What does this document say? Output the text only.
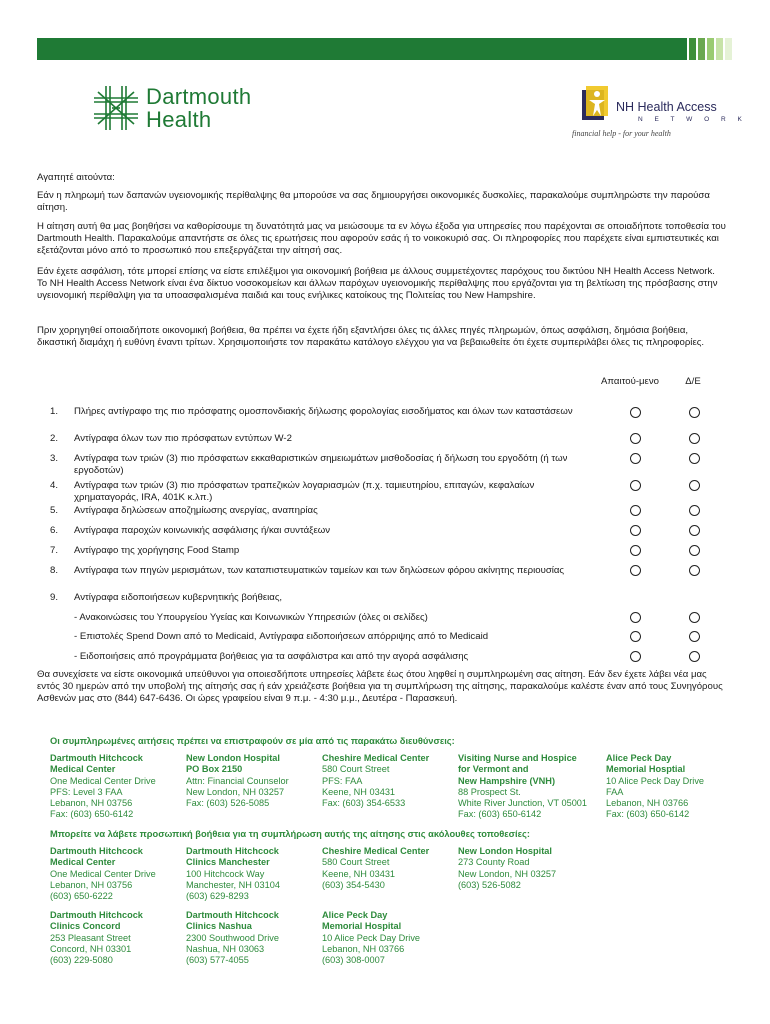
Dartmouth
Health	NH Health Access
N E T W O R K
financial help - for your health
Αγαπητέ αιτούντα:
Εάν η πληρωμή των δαπανών υγειονομικής περίθαλψης θα μπορούσε να σας δημιουργήσει οικονομικές δυσκολίες, παρακαλούμε συμπληρώστε την παρούσα αίτηση.
Η αίτηση αυτή θα μας βοηθήσει να καθορίσουμε τη δυνατότητά μας να μειώσουμε τα εν λόγω έξοδα για υπηρεσίες που παρέχονται σε οποιαδήποτε τοποθεσία του Dartmouth Health. Παρακαλούμε απαντήστε σε όλες τις ερωτήσεις που αφορούν εσάς ή το νοικοκυριό σας. Οι πληροφορίες που παρέχετε είναι εμπιστευτικές και εξετάζονται μόνο από το προσωπικό που επεξεργάζεται την αίτησή σας.
Εάν έχετε ασφάλιση, τότε μπορεί επίσης να είστε επιλέξιμοι για οικονομική βοήθεια με άλλους συμμετέχοντες παρόχους του δικτύου NH Health Access Network. Το NH Health Access Network είναι ένα δίκτυο νοσοκομείων και άλλων παρόχων υγειονομικής περίθαλψης που εργάζονται για τη βελτίωση της πρόσβασης στην υγειονομική περίθαλψη για τα υποασφαλισμένα παιδιά και τους ενήλικες κατοίκους της Πολιτείας του New Hampshire.
Πριν χορηγηθεί οποιαδήποτε οικονομική βοήθεια, θα πρέπει να έχετε ήδη εξαντλήσει όλες τις άλλες πηγές πληρωμών, όπως ασφάλιση, δημόσια βοήθεια, δικαστική διαμάχη ή ευθύνη έναντι τρίτων. Χρησιμοποιήστε τον παρακάτω κατάλογο ελέγχου για να βεβαιωθείτε ότι έχετε συμπεριλάβει όλες τις πληροφορίες.
Απαιτού-μενο	Δ/Ε
1.	Πλήρες αντίγραφο της πιο πρόσφατης ομοσπονδιακής δήλωσης φορολογίας εισοδήματος και όλων των καταστάσεων
2.	Αντίγραφα όλων των πιο πρόσφατων εντύπων W-2
3.	Αντίγραφα των τριών (3) πιο πρόσφατων εκκαθαριστικών σημειωμάτων μισθοδοσίας ή δήλωση του εργοδότη (ή των εργοδοτών)
4.	Αντίγραφα των τριών (3) πιο πρόσφατων τραπεζικών λογαριασμών (π.χ. ταμιευτηρίου, επιταγών, κεφαλαίων χρηματαγοράς, IRA, 401K κ.λπ.)
5.	Αντίγραφα δηλώσεων αποζημίωσης ανεργίας, αναπηρίας
6.	Αντίγραφα παροχών κοινωνικής ασφάλισης ή/και συντάξεων
7.	Αντίγραφο της χορήγησης Food Stamp
8.	Αντίγραφα των πηγών μερισμάτων, των καταπιστευματικών ταμείων και των δηλώσεων φόρου ακίνητης περιουσίας
9.	Αντίγραφα ειδοποιήσεων κυβερνητικής βοήθειας,
- Ανακοινώσεις του Υπουργείου Υγείας και Κοινωνικών Υπηρεσιών (όλες οι σελίδες)
- Επιστολές Spend Down από το Medicaid, Αντίγραφα ειδοποιήσεων απόρριψης από το Medicaid
- Ειδοποιήσεις από προγράμματα βοήθειας για τα ασφάλιστρα και από την αγορά ασφάλισης
Θα συνεχίσετε να είστε οικονομικά υπεύθυνοι για οποιεσδήποτε υπηρεσίες λάβετε έως ότου ληφθεί η συμπληρωμένη σας αίτηση. Εάν δεν έχετε λάβει νέα μας εντός 30 ημερών από την υποβολή της αίτησής σας ή εάν χρειάζεστε βοήθεια για τη συμπλήρωση της αίτησης, παρακαλούμε καλέστε έναν από τους Συνηγόρους Ασθενών μας στο (844) 647-6436. Οι ώρες γραφείου είναι 9 π.μ. - 4:30 μ.μ., Δευτέρα - Παρασκευή.
Οι συμπληρωμένες αιτήσεις πρέπει να επιστραφούν σε μία από τις παρακάτω διευθύνσεις:
Dartmouth Hitchcock
Medical Center
One Medical Center Drive
PFS: Level 3 FAA
Lebanon, NH 03756
Fax: (603) 650-6142
New London Hospital
PO Box 2150
Attn: Financial Counselor
New London, NH 03257
Fax: (603) 526-5085
Cheshire Medical Center
580 Court Street
PFS: FAA
Keene, NH 03431
Fax: (603) 354-6533
Visiting Nurse and Hospice
for Vermont and
New Hampshire (VNH)
88 Prospect St.
White River Junction, VT 05001
Fax: (603) 650-6142
Alice Peck Day
Memorial Hosptial
10 Alice Peck Day Drive
FAA
Lebanon, NH 03766
Fax: (603) 650-6142
Μπορείτε να λάβετε προσωπική βοήθεια για τη συμπλήρωση αυτής της αίτησης στις ακόλουθες τοποθεσίες:
Dartmouth Hitchcock
Medical Center
One Medical Center Drive
Lebanon, NH 03756
(603) 650-6222
Dartmouth Hitchcock
Clinics Manchester
100 Hitchcock Way
Manchester, NH 03104
(603) 629-8293
Cheshire Medical Center
580 Court Street
Keene, NH 03431
(603) 354-5430
New London Hospital
273 County Road
New London, NH 03257
(603) 526-5082
Dartmouth Hitchcock
Clinics Concord
253 Pleasant Street
Concord, NH 03301
(603) 229-5080
Dartmouth Hitchcock
Clinics Nashua
2300 Southwood Drive
Nashua, NH 03063
(603) 577-4055
Alice Peck Day
Memorial Hospital
10 Alice Peck Day Drive
Lebanon, NH 03766
(603) 308-0007
